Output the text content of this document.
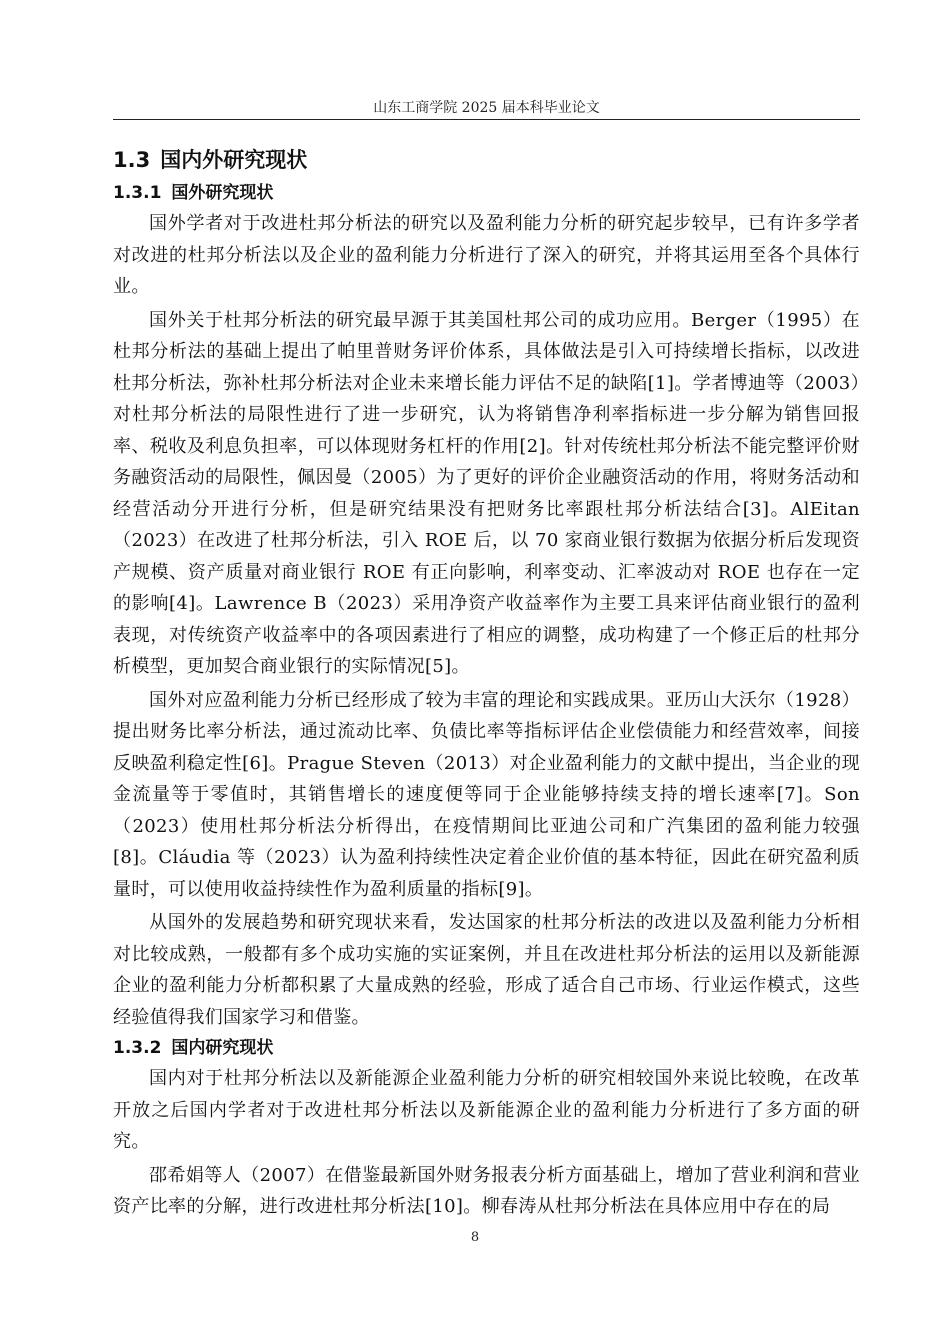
山东工商学院 2025 届本科毕业论文
1.3 国内外研究现状
1.3.1 国外研究现状

国外学者对于改进杜邦分析法的研究以及盈利能力分析的研究起步较早，已有许多学者对改进的杜邦分析法以及企业的盈利能力分析进行了深入的研究，并将其运用至各个具体行业。

国外关于杜邦分析法的研究最早源于其美国杜邦公司的成功应用。Berger（1995）在杜邦分析法的基础上提出了帕里普财务评价体系，具体做法是引入可持续增长指标，以改进杜邦分析法，弥补杜邦分析法对企业未来增长能力评估不足的缺陷[1]。学者博迪等（2003）对杜邦分析法的局限性进行了进一步研究，认为将销售净利率指标进一步分解为销售回报率、税收及利息负担率，可以体现财务杠杆的作用[2]。针对传统杜邦分析法不能完整评价财务融资活动的局限性，佩因曼（2005）为了更好的评价企业融资活动的作用，将财务活动和经营活动分开进行分析，但是研究结果没有把财务比率跟杜邦分析法结合[3]。AlEitan（2023）在改进了杜邦分析法，引入 ROE 后，以 70 家商业银行数据为依据分析后发现资产规模、资产质量对商业银行 ROE 有正向影响，利率变动、汇率波动对 ROE 也存在一定的影响[4]。Lawrence B（2023）采用净资产收益率作为主要工具来评估商业银行的盈利表现，对传统资产收益率中的各项因素进行了相应的调整，成功构建了一个修正后的杜邦分析模型，更加契合商业银行的实际情况[5]。

国外对应盈利能力分析已经形成了较为丰富的理论和实践成果。亚历山大沃尔（1928）提出财务比率分析法，通过流动比率、负债比率等指标评估企业偿债能力和经营效率，间接反映盈利稳定性[6]。Prague Steven（2013）对企业盈利能力的文献中提出，当企业的现金流量等于零值时，其销售增长的速度便等同于企业能够持续支持的增长速率[7]。Son（2023）使用杜邦分析法分析得出，在疫情期间比亚迪公司和广汽集团的盈利能力较强[8]。Cláudia 等（2023）认为盈利持续性决定着企业价值的基本特征，因此在研究盈利质量时，可以使用收益持续性作为盈利质量的指标[9]。

从国外的发展趋势和研究现状来看，发达国家的杜邦分析法的改进以及盈利能力分析相对比较成熟，一般都有多个成功实施的实证案例，并且在改进杜邦分析法的运用以及新能源企业的盈利能力分析都积累了大量成熟的经验，形成了适合自己市场、行业运作模式，这些经验值得我们国家学习和借鉴。

1.3.2 国内研究现状

国内对于杜邦分析法以及新能源企业盈利能力分析的研究相较国外来说比较晚，在改革开放之后国内学者对于改进杜邦分析法以及新能源企业的盈利能力分析进行了多方面的研究。

邵希娟等人（2007）在借鉴最新国外财务报表分析方面基础上，增加了营业利润和营业资产比率的分解，进行改进杜邦分析法[10]。柳春涛从杜邦分析法在具体应用中存在的局

8
